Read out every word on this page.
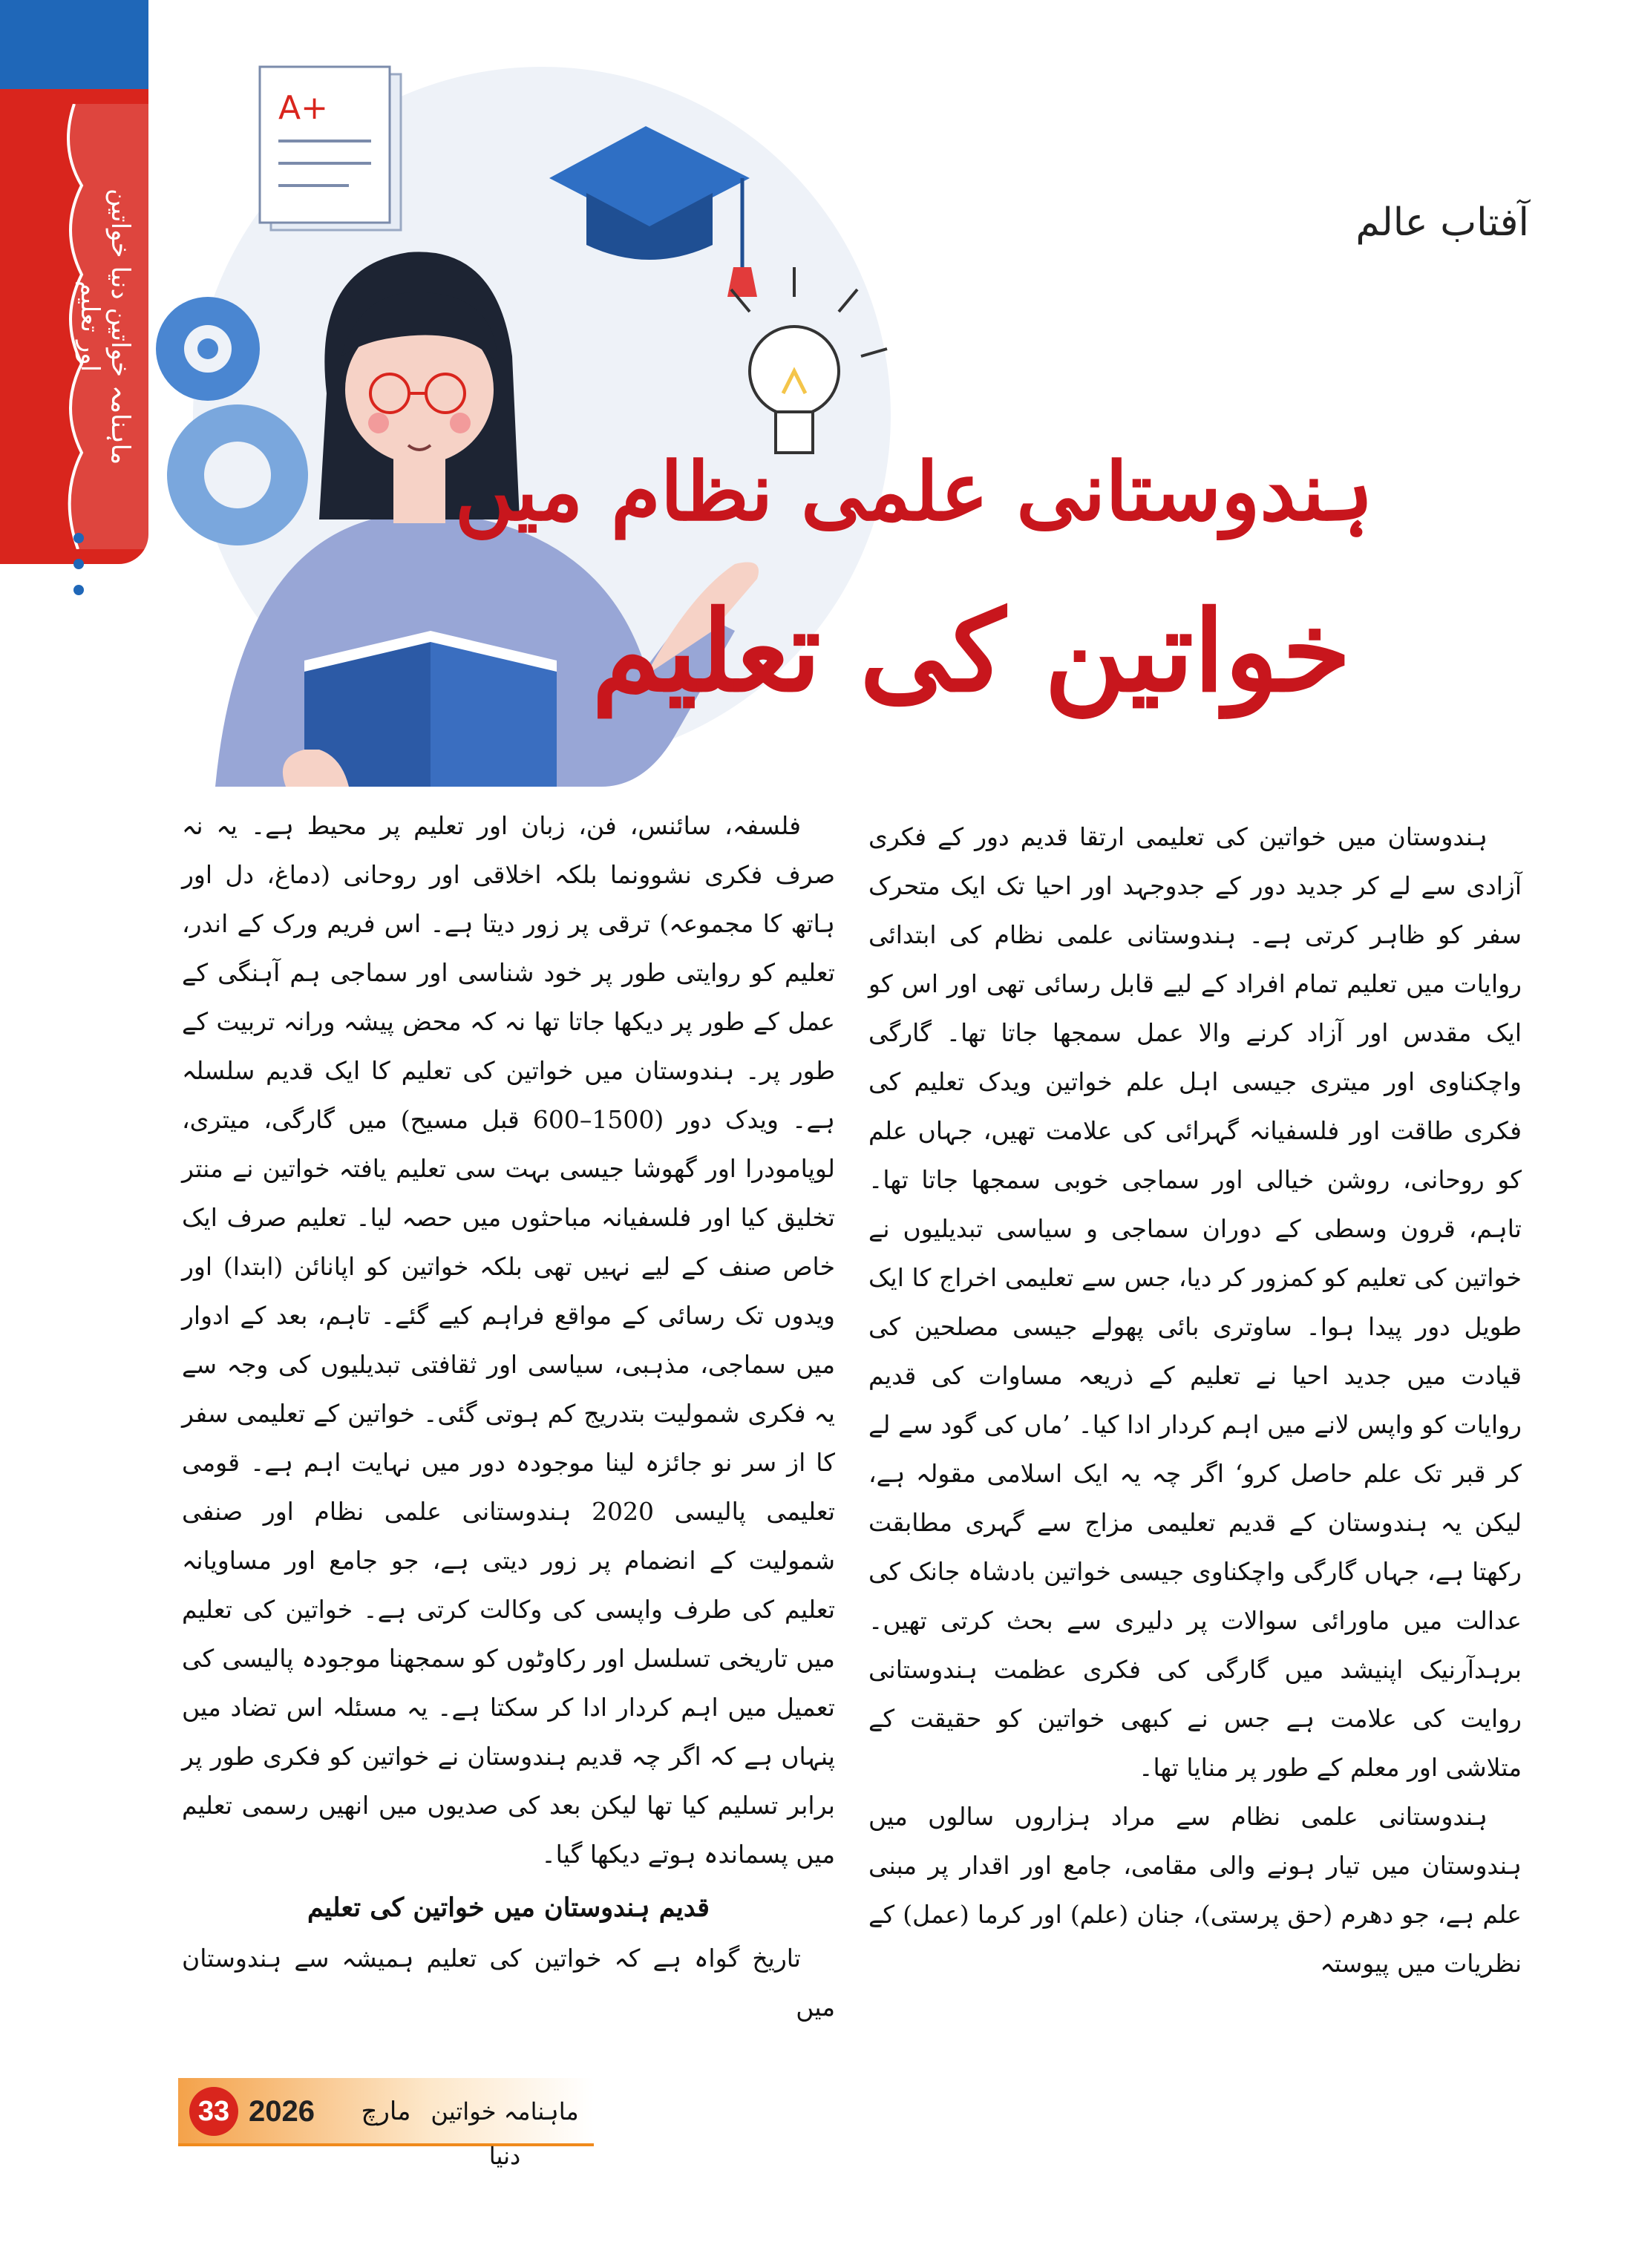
ماہنامہ خواتین دنیا خواتین اور تعلیم
A+
آفتاب عالم
ہندوستانی علمی نظام میں
خواتین کی تعلیم

ہندوستان میں خواتین کی تعلیمی ارتقا قدیم دور کے فکری آزادی سے لے کر جدید دور کے جدوجہد اور احیا تک ایک متحرک سفر کو ظاہر کرتی ہے۔ ہندوستانی علمی نظام کی ابتدائی روایات میں تعلیم تمام افراد کے لیے قابل رسائی تھی اور اس کو ایک مقدس اور آزاد کرنے والا عمل سمجھا جاتا تھا۔ گارگی واچکناوی اور میتری جیسی اہل علم خواتین ویدک تعلیم کی فکری طاقت اور فلسفیانہ گہرائی کی علامت تھیں، جہاں علم کو روحانی، روشن خیالی اور سماجی خوبی سمجھا جاتا تھا۔ تاہم، قرون وسطی کے دوران سماجی و سیاسی تبدیلیوں نے خواتین کی تعلیم کو کمزور کر دیا، جس سے تعلیمی اخراج کا ایک طویل دور پیدا ہوا۔ ساوتری بائی پھولے جیسی مصلحین کی قیادت میں جدید احیا نے تعلیم کے ذریعہ مساوات کی قدیم روایات کو واپس لانے میں اہم کردار ادا کیا۔ ’ماں کی گود سے لے کر قبر تک علم حاصل کرو‘ اگر چہ یہ ایک اسلامی مقولہ ہے، لیکن یہ ہندوستان کے قدیم تعلیمی مزاج سے گہری مطابقت رکھتا ہے، جہاں گارگی واچکناوی جیسی خواتین بادشاہ جانک کی عدالت میں ماورائی سوالات پر دلیری سے بحث کرتی تھیں۔ برہدآرنیک اپنیشد میں گارگی کی فکری عظمت ہندوستانی روایت کی علامت ہے جس نے کبھی خواتین کو حقیقت کے متلاشی اور معلم کے طور پر منایا تھا۔

ہندوستانی علمی نظام سے مراد ہزاروں سالوں میں ہندوستان میں تیار ہونے والی مقامی، جامع اور اقدار پر مبنی علم ہے، جو دھرم (حق پرستی)، جنان (علم) اور کرما (عمل) کے نظریات میں پیوستہ

فلسفہ، سائنس، فن، زبان اور تعلیم پر محیط ہے۔ یہ نہ صرف فکری نشوونما بلکہ اخلاقی اور روحانی (دماغ، دل اور ہاتھ کا مجموعہ) ترقی پر زور دیتا ہے۔ اس فریم ورک کے اندر، تعلیم کو روایتی طور پر خود شناسی اور سماجی ہم آہنگی کے عمل کے طور پر دیکھا جاتا تھا نہ کہ محض پیشہ ورانہ تربیت کے طور پر۔ ہندوستان میں خواتین کی تعلیم کا ایک قدیم سلسلہ ہے۔ ویدک دور (1500–600 قبل مسیح) میں گارگی، میتری، لوپامودرا اور گھوشا جیسی بہت سی تعلیم یافتہ خواتین نے منتر تخلیق کیا اور فلسفیانہ مباحثوں میں حصہ لیا۔ تعلیم صرف ایک خاص صنف کے لیے نہیں تھی بلکہ خواتین کو اپانائن (ابتدا) اور ویدوں تک رسائی کے مواقع فراہم کیے گئے۔ تاہم، بعد کے ادوار میں سماجی، مذہبی، سیاسی اور ثقافتی تبدیلیوں کی وجہ سے یہ فکری شمولیت بتدریج کم ہوتی گئی۔ خواتین کے تعلیمی سفر کا از سر نو جائزہ لینا موجودہ دور میں نہایت اہم ہے۔ قومی تعلیمی پالیسی 2020 ہندوستانی علمی نظام اور صنفی شمولیت کے انضمام پر زور دیتی ہے، جو جامع اور مساویانہ تعلیم کی طرف واپسی کی وکالت کرتی ہے۔ خواتین کی تعلیم میں تاریخی تسلسل اور رکاوٹوں کو سمجھنا موجودہ پالیسی کی تعمیل میں اہم کردار ادا کر سکتا ہے۔ یہ مسئلہ اس تضاد میں پنہاں ہے کہ اگر چہ قدیم ہندوستان نے خواتین کو فکری طور پر برابر تسلیم کیا تھا لیکن بعد کی صدیوں میں انھیں رسمی تعلیم میں پسماندہ ہوتے دیکھا گیا۔

قدیم ہندوستان میں خواتین کی تعلیم

تاریخ گواہ ہے کہ خواتین کی تعلیم ہمیشہ سے ہندوستان میں

33 2026	مارچ ماہنامہ خواتین دنیا
